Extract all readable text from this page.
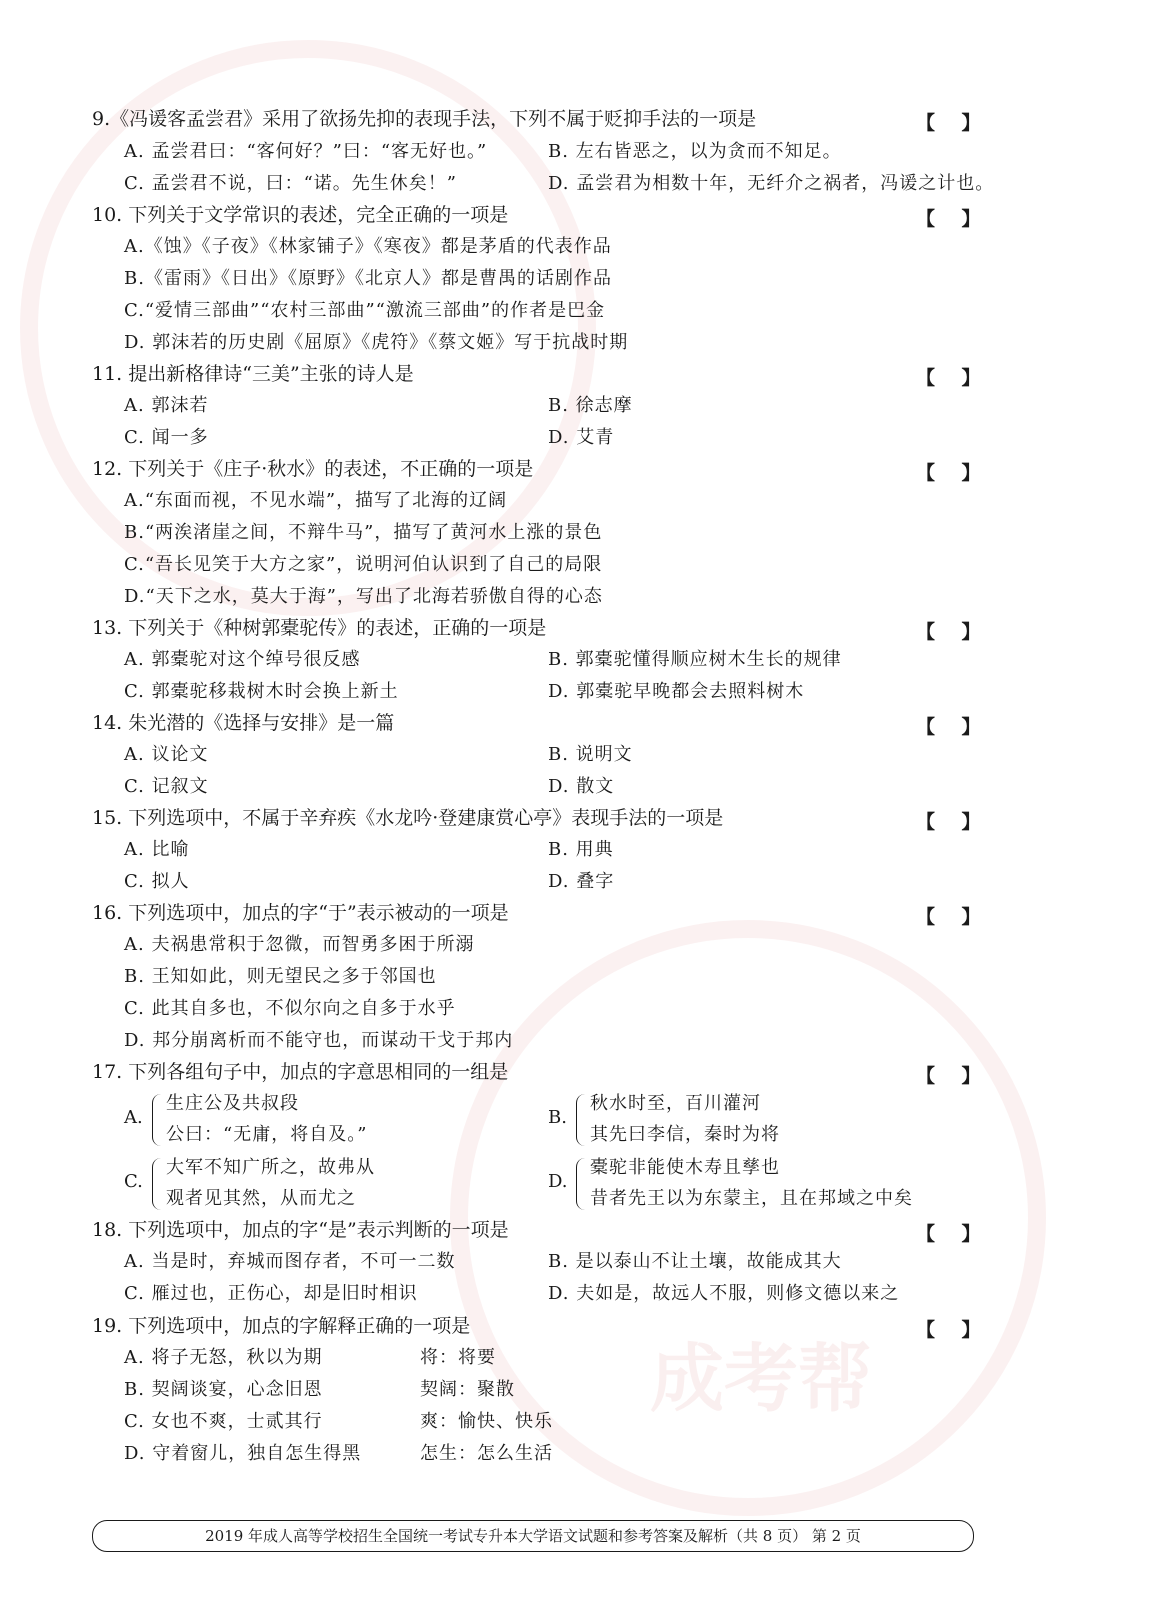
成考帮
9.《冯谖客孟尝君》采用了欲扬先抑的表现手法，下列不属于贬抑手法的一项是	【    】
A. 孟尝君曰：“客何好？”曰：“客无好也。”	B. 左右皆恶之，以为贪而不知足。
C. 孟尝君不说，曰：“诺。先生休矣！”	D. 孟尝君为相数十年，无纤介之祸者，冯谖之计也。
10. 下列关于文学常识的表述，完全正确的一项是	【    】
A.《蚀》《子夜》《林家铺子》《寒夜》都是茅盾的代表作品
B.《雷雨》《日出》《原野》《北京人》都是曹禺的话剧作品
C.“爱情三部曲”“农村三部曲”“激流三部曲”的作者是巴金
D. 郭沫若的历史剧《屈原》《虎符》《蔡文姬》写于抗战时期
11. 提出新格律诗“三美”主张的诗人是	【    】
A. 郭沫若	B. 徐志摩
C. 闻一多	D. 艾青
12. 下列关于《庄子·秋水》的表述，不正确的一项是	【    】
A.“东面而视，不见水端”，描写了北海的辽阔
B.“两涘渚崖之间，不辩牛马”，描写了黄河水上涨的景色
C.“吾长见笑于大方之家”，说明河伯认识到了自己的局限
D.“天下之水，莫大于海”，写出了北海若骄傲自得的心态
13. 下列关于《种树郭橐驼传》的表述，正确的一项是	【    】
A. 郭橐驼对这个绰号很反感	B. 郭橐驼懂得顺应树木生长的规律
C. 郭橐驼移栽树木时会换上新土	D. 郭橐驼早晚都会去照料树木
14. 朱光潜的《选择与安排》是一篇	【    】
A. 议论文	B. 说明文
C. 记叙文	D. 散文
15. 下列选项中，不属于辛弃疾《水龙吟·登建康赏心亭》表现手法的一项是	【    】
A. 比喻	B. 用典
C. 拟人	D. 叠字
16. 下列选项中，加点的字“于”表示被动的一项是	【    】
A. 夫祸患常积于忽微，而智勇多困于所溺
B. 王知如此，则无望民之多于邻国也
C. 此其自多也，不似尔向之自多于水乎
D. 邦分崩离析而不能守也，而谋动干戈于邦内
17. 下列各组句子中，加点的字意思相同的一组是	【    】
A.
生庄公及共叔段
公曰：“无庸，将自及。”
B.
秋水时至，百川灌河
其先曰李信，秦时为将
C.
大军不知广所之，故弗从
观者见其然，从而尤之
D.
橐驼非能使木寿且孳也
昔者先王以为东蒙主，且在邦域之中矣
18. 下列选项中，加点的字“是”表示判断的一项是	【    】
A. 当是时，弃城而图存者，不可一二数	B. 是以泰山不让土壤，故能成其大
C. 雁过也，正伤心，却是旧时相识	D. 夫如是，故远人不服，则修文德以来之
19. 下列选项中，加点的字解释正确的一项是	【    】
A. 将子无怒，秋以为期	将：将要
B. 契阔谈宴，心念旧恩	契阔：聚散
C. 女也不爽，士贰其行	爽：愉快、快乐
D. 守着窗儿，独自怎生得黑	怎生：怎么生活
2019 年成人高等学校招生全国统一考试专升本大学语文试题和参考答案及解析（共 8 页） 第 2 页
